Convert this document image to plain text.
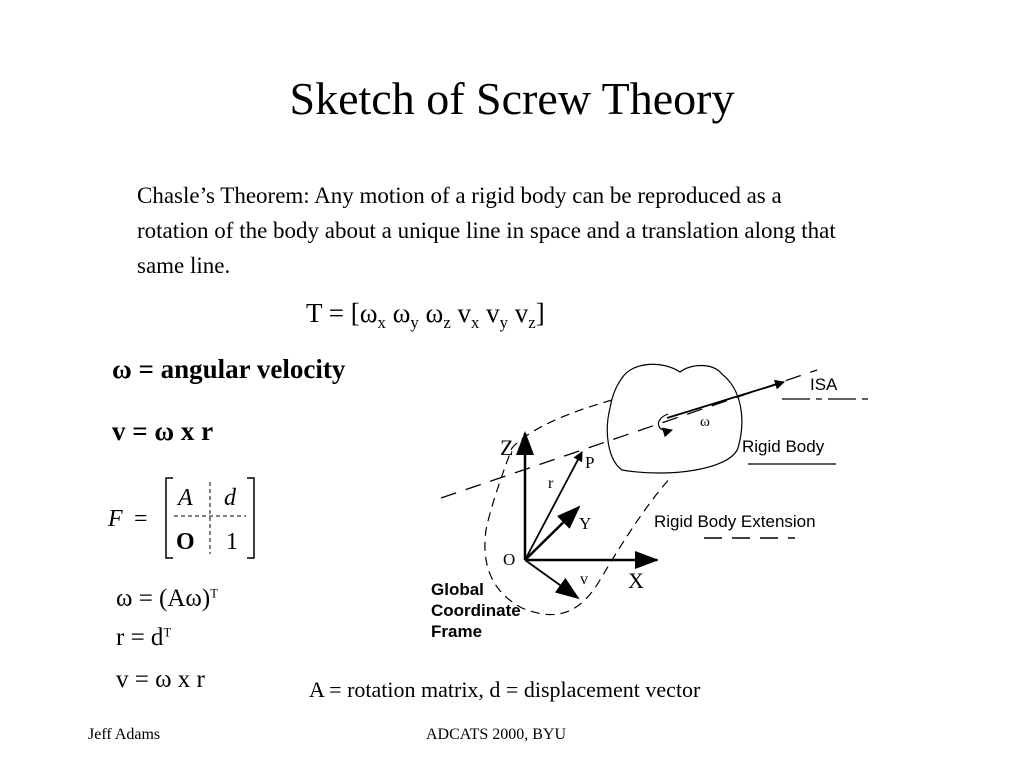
Sketch of Screw Theory
Chasle’s Theorem: Any motion of a rigid body can be reproduced as a rotation of the body about a unique line in space and a translation along that same line.
$T = [\omega_x$ $\omega_y$ $\omega_z$ $v_x$ $v_y$ $v_z$]
ω = angular velocity
v = ω x r
F =
A d
O 1
$\omega = (A\omega)^T$
$r = d^T$
v = ω x r
ω
ISA
Rigid Body
Rigid Body Extension
Z
X
Y
r
P
v
O
Global
Coordinate
Frame
A = rotation matrix, d = displacement vector
Jeff Adams	ADCATS 2000, BYU
